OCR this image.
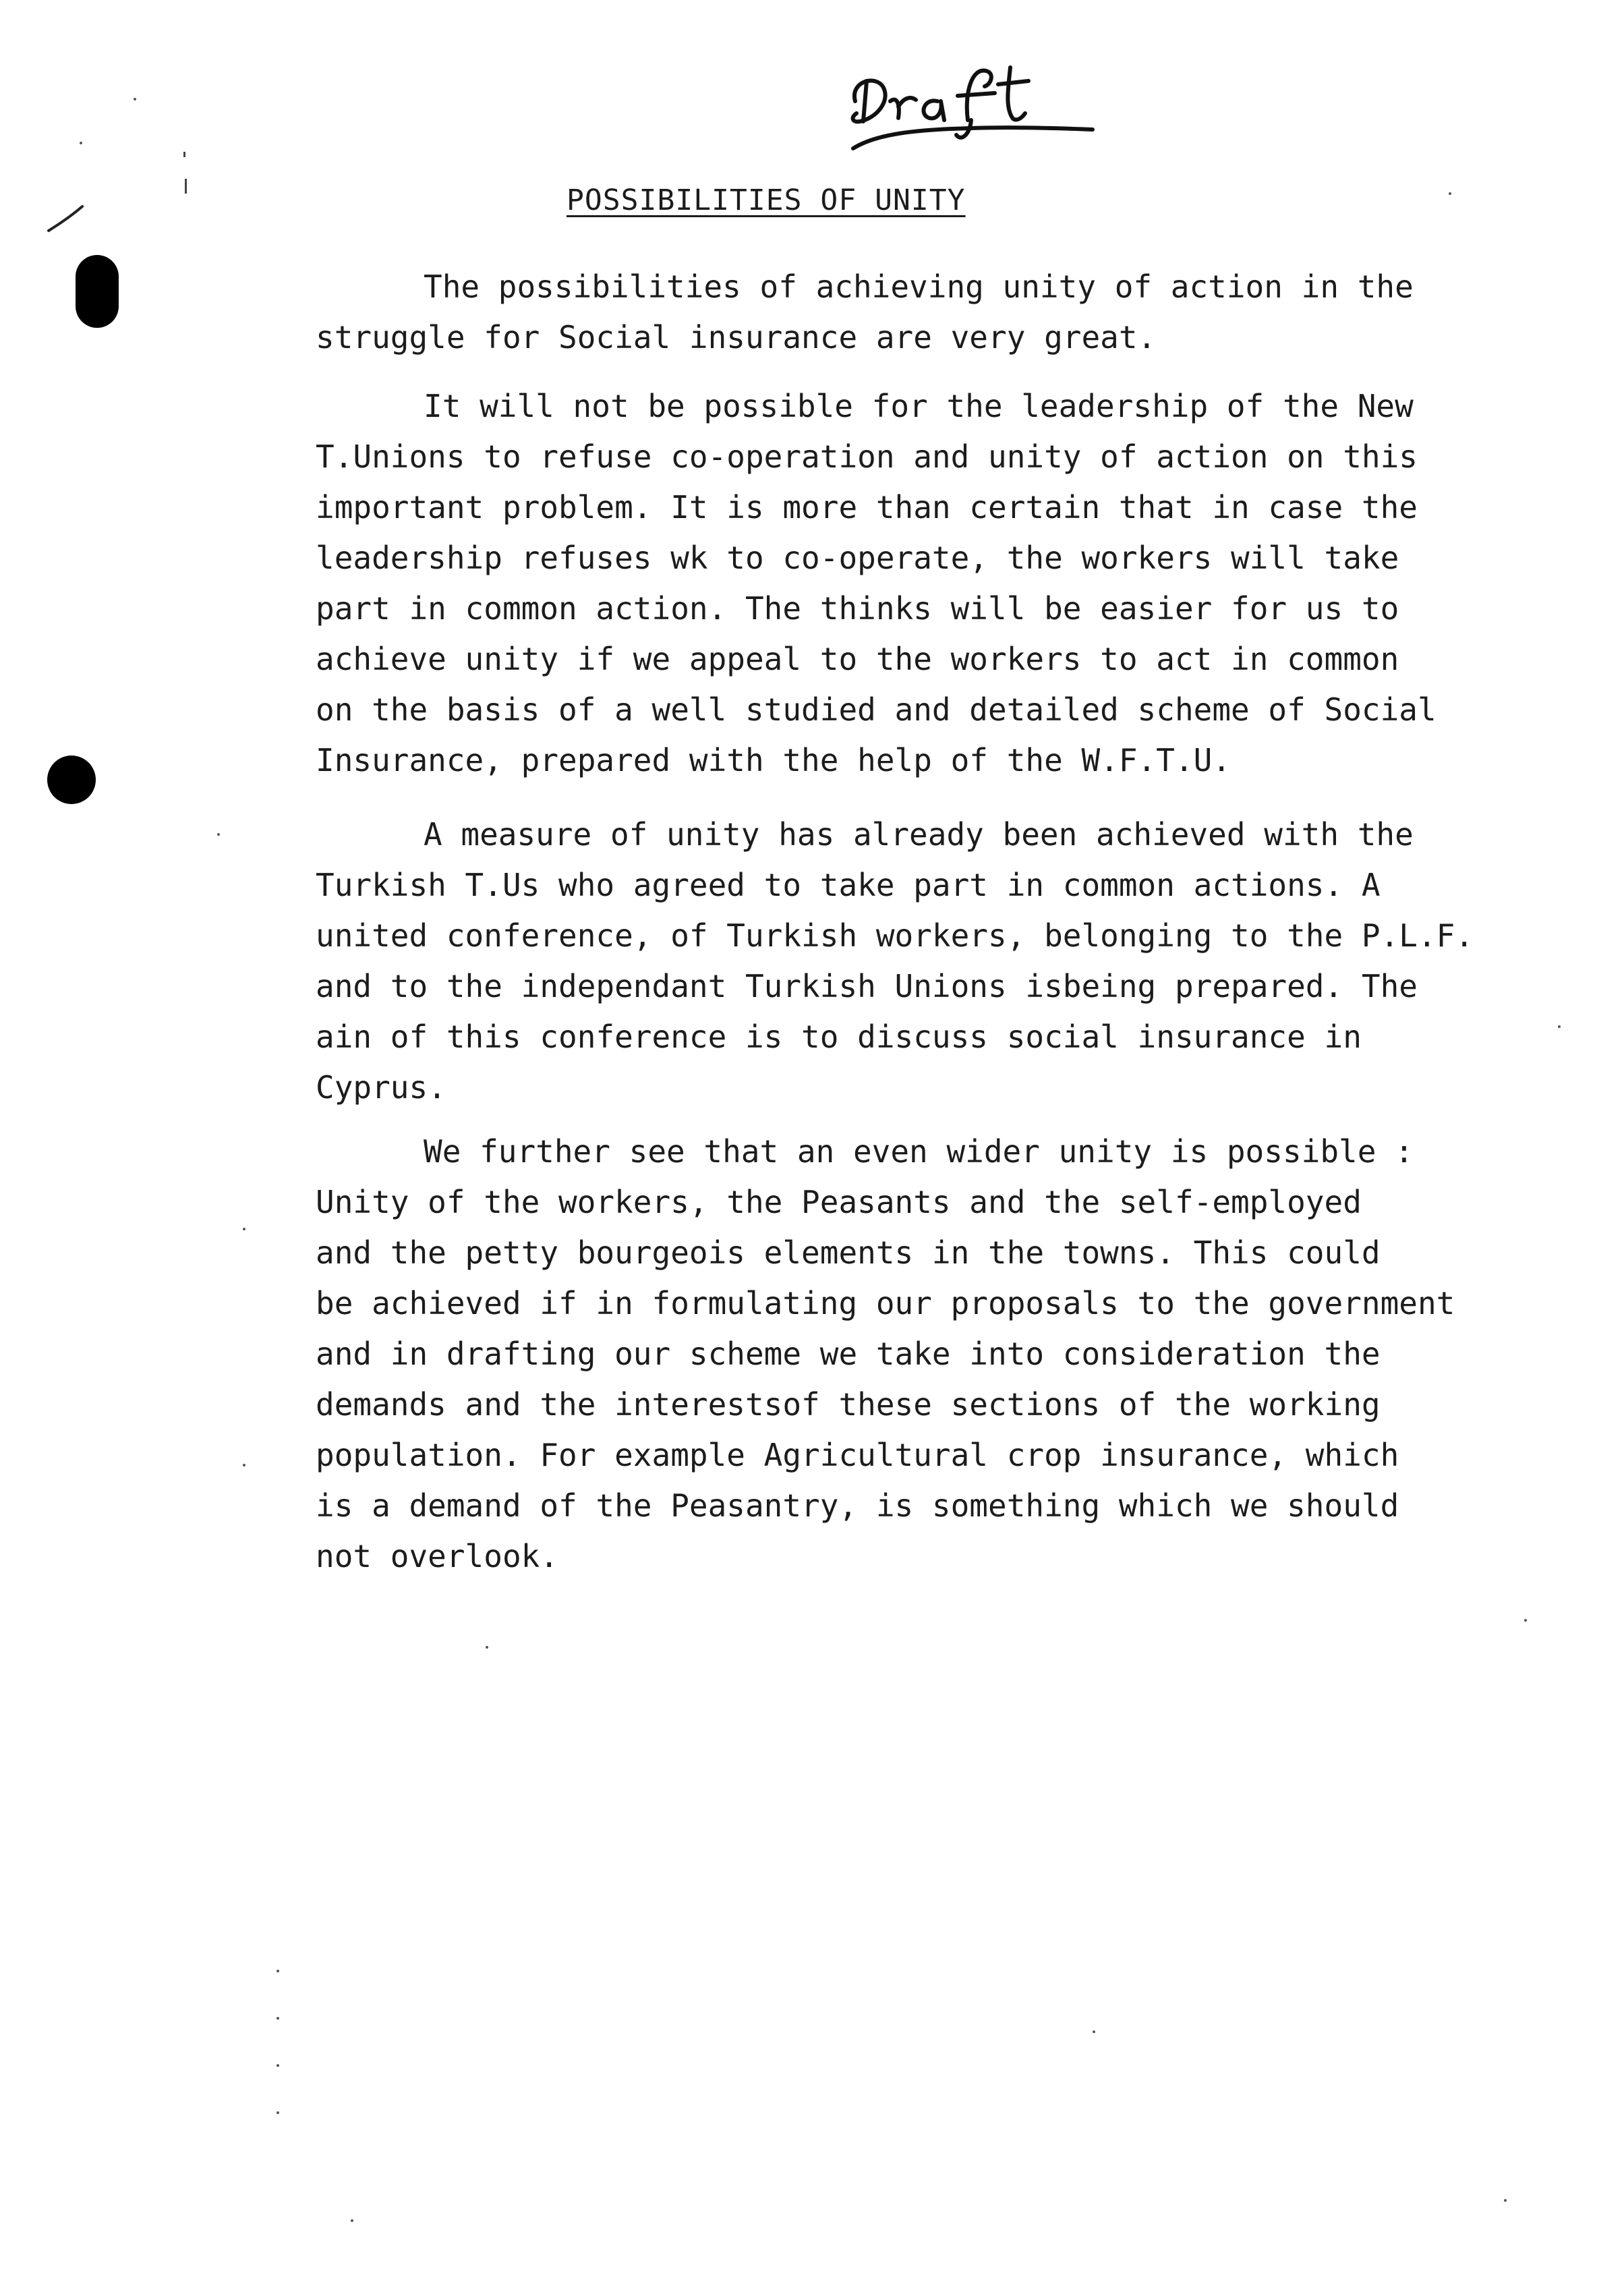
POSSIBILITIES OF UNITY
The possibilities of achieving unity of action in the
struggle for Social insurance are very great.
It will not be possible for the leadership of the New
T.Unions to refuse co-operation and unity of action on this
important problem. It is more than certain that in case the
leadership refuses wk to co-operate, the workers will take
part in common action. The thinks will be easier for us to
achieve unity if we appeal to the workers to act in common
on the basis of a well studied and detailed scheme of Social
Insurance, prepared with the help of the W.F.T.U.
A measure of unity has already been achieved with the
Turkish T.Us who agreed to take part in common actions. A
united conference, of Turkish workers, belonging to the P.L.F.
and to the independant Turkish Unions isbeing prepared. The
ain of this conference is to discuss social insurance in
Cyprus.
We further see that an even wider unity is possible :
Unity of the workers, the Peasants and the self-employed
and the petty bourgeois elements in the towns. This could
be achieved if in formulating our proposals to the government
and in drafting our scheme we take into consideration the
demands and the interestsof these sections of the working
population. For example Agricultural crop insurance, which
is a demand of the Peasantry, is something which we should
not overlook.
